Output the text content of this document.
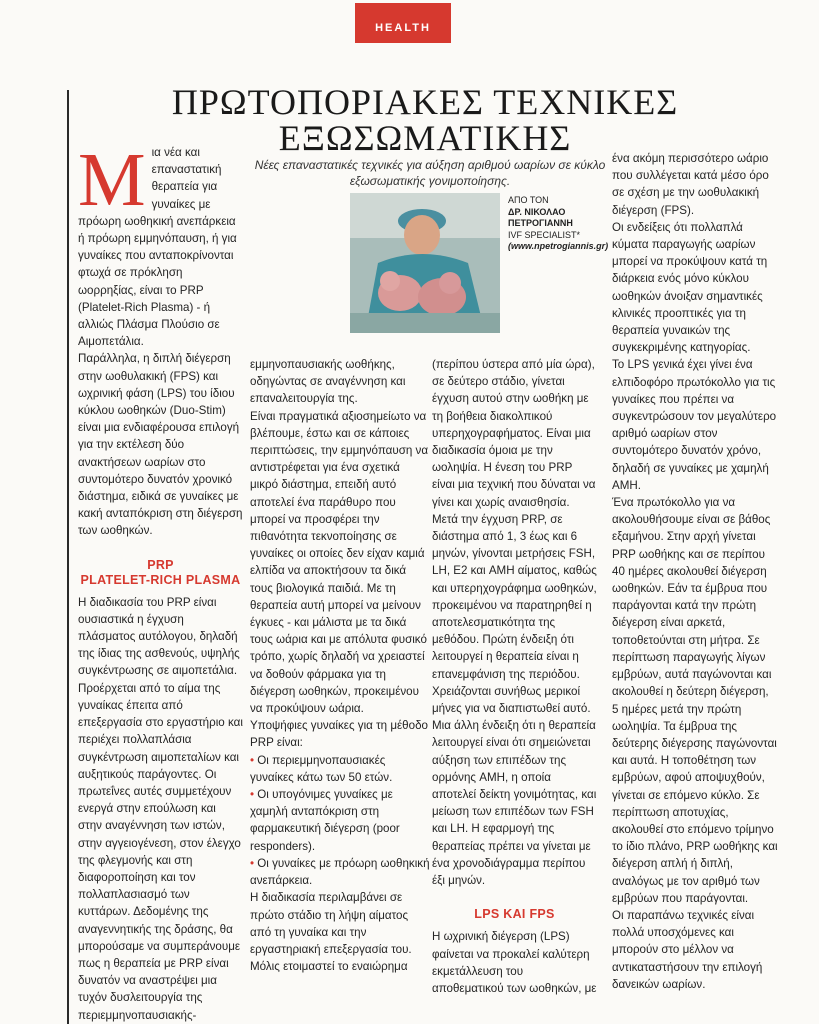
HEALTH
ΠΡΩΤΟΠΟΡΙΑΚΕΣ ΤΕΧΝΙΚΕΣ
ΕΞΩΣΩΜΑΤΙΚΗΣ
Μ ια νέα και επαναστατική θεραπεία για γυναίκες με πρόωρη ωοθηκική ανεπάρκεια ή πρόωρη εμμηνόπαυση, ή για γυναίκες που ανταποκρίνονται φτωχά σε πρόκληση ωορρηξίας, είναι το PRP (Platelet-Rich Plasma) - ή αλλιώς Πλάσμα Πλούσιο σε Αιμοπετάλια.

Παράλληλα, η διπλή διέγερση στην ωοθυλακική (FPS) και ωχρινική φάση (LPS) του ίδιου κύκλου ωοθηκών (Duo-Stim) είναι μια ενδιαφέρουσα επιλογή για την εκτέλεση δύο ανακτήσεων ωαρίων στο συντομότερο δυνατόν χρονικό διάστημα, ειδικά σε γυναίκες με κακή ανταπόκριση στη διέγερση των ωοθηκών.

PRP
PLATELET-RICH PLASMA

Η διαδικασία του PRP είναι ουσιαστικά η έγχυση πλάσματος αυτόλογου, δηλαδή της ίδιας της ασθενούς, υψηλής συγκέντρωσης σε αιμοπετάλια. Προέρχεται από το αίμα της γυναίκας έπειτα από επεξεργασία στο εργαστήριο και περιέχει πολλαπλάσια συγκέντρωση αιμοπεταλίων και αυξητικούς παράγοντες. Οι πρωτεΐνες αυτές συμμετέχουν ενεργά στην επούλωση και στην αναγέννηση των ιστών, στην αγγειογένεση, στον έλεγχο της φλεγμονής και στη διαφοροποίηση και τον πολλαπλασιασμό των κυττάρων. Δεδομένης της αναγεννητικής της δράσης, θα μπορούσαμε να συμπεράνουμε πως η θεραπεία με PRP είναι δυνατόν να αναστρέψει μια τυχόν δυσλειτουργία της περιεμμηνοπαυσιακής-

Νέες επαναστατικές τεχνικές για αύξηση αριθμού ωαρίων σε κύκλο εξωσωματικής γονιμοποίησης.
ΑΠΟ ΤΟΝ
ΔΡ. ΝΙΚΟΛΑΟ
ΠΕΤΡΟΓΙΑΝΝΗ
IVF SPECIALIST*
(www.npetrogiannis.gr)

εμμηνοπαυσιακής ωοθήκης, οδηγώντας σε αναγέννηση και επαναλειτουργία της.

Είναι πραγματικά αξιοσημείωτο να βλέπουμε, έστω και σε κάποιες περιπτώσεις, την εμμηνόπαυση να αντιστρέφεται για ένα σχετικά μικρό διάστημα, επειδή αυτό αποτελεί ένα παράθυρο που μπορεί να προσφέρει την πιθανότητα τεκνοποίησης σε γυναίκες οι οποίες δεν είχαν καμιά ελπίδα να αποκτήσουν τα δικά τους βιολογικά παιδιά. Με τη θεραπεία αυτή μπορεί να μείνουν έγκυες - και μάλιστα με τα δικά τους ωάρια και με απόλυτα φυσικό τρόπο, χωρίς δηλαδή να χρειαστεί να δοθούν φάρμακα για τη διέγερση ωοθηκών, προκειμένου να προκύψουν ωάρια.

Υποψήφιες γυναίκες για τη μέθοδο PRP είναι:

• Οι περιεμμηνοπαυσιακές γυναίκες κάτω των 50 ετών.

• Οι υπογόνιμες γυναίκες με χαμηλή ανταπόκριση στη φαρμακευτική διέγερση (poor responders).

• Οι γυναίκες με πρόωρη ωοθηκική ανεπάρκεια.

Η διαδικασία περιλαμβάνει σε πρώτο στάδιο τη λήψη αίματος από τη γυναίκα και την εργαστηριακή επεξεργασία του. Μόλις ετοιμαστεί το εναιώρημα

(περίπου ύστερα από μία ώρα), σε δεύτερο στάδιο, γίνεται έγχυση αυτού στην ωοθήκη με τη βοήθεια διακολπικού υπερηχογραφήματος. Είναι μια διαδικασία όμοια με την ωοληψία. Η ένεση του PRP είναι μια τεχνική που δύναται να γίνει και χωρίς αναισθησία.

Μετά την έγχυση PRP, σε διάστημα από 1, 3 έως και 6 μηνών, γίνονται μετρήσεις FSH, LH, E2 και AMH αίματος, καθώς και υπερηχογράφημα ωοθηκών, προκειμένου να παρατηρηθεί η αποτελεσματικότητα της μεθόδου. Πρώτη ένδειξη ότι λειτουργεί η θεραπεία είναι η επανεμφάνιση της περιόδου. Χρειάζονται συνήθως μερικοί μήνες για να διαπιστωθεί αυτό. Μια άλλη ένδειξη ότι η θεραπεία λειτουργεί είναι ότι σημειώνεται αύξηση των επιπέδων της ορμόνης AMH, η οποία αποτελεί δείκτη γονιμότητας, και μείωση των επιπέδων των FSH και LH. Η εφαρμογή της θεραπείας πρέπει να γίνεται με ένα χρονοδιάγραμμα περίπου έξι μηνών.

LPS ΚΑΙ FPS

Η ωχρινική διέγερση (LPS) φαίνεται να προκαλεί καλύτερη εκμετάλλευση του αποθεματικού των ωοθηκών, με

ένα ακόμη περισσότερο ωάριο που συλλέγεται κατά μέσο όρο σε σχέση με την ωοθυλακική διέγερση (FPS).

Οι ενδείξεις ότι πολλαπλά κύματα παραγωγής ωαρίων μπορεί να προκύψουν κατά τη διάρκεια ενός μόνο κύκλου ωοθηκών άνοιξαν σημαντικές κλινικές προοπτικές για τη θεραπεία γυναικών της συγκεκριμένης κατηγορίας.

Το LPS γενικά έχει γίνει ένα ελπιδοφόρο πρωτόκολλο για τις γυναίκες που πρέπει να συγκεντρώσουν τον μεγαλύτερο αριθμό ωαρίων στον συντομότερο δυνατόν χρόνο, δηλαδή σε γυναίκες με χαμηλή AMH.

Ένα πρωτόκολλο για να ακολουθήσουμε είναι σε βάθος εξαμήνου. Στην αρχή γίνεται PRP ωοθήκης και σε περίπου 40 ημέρες ακολουθεί διέγερση ωοθηκών. Εάν τα έμβρυα που παράγονται κατά την πρώτη διέγερση είναι αρκετά, τοποθετούνται στη μήτρα. Σε περίπτωση παραγωγής λίγων εμβρύων, αυτά παγώνονται και ακολουθεί η δεύτερη διέγερση, 5 ημέρες μετά την πρώτη ωοληψία. Τα έμβρυα της δεύτερης διέγερσης παγώνονται και αυτά. Η τοποθέτηση των εμβρύων, αφού αποψυχθούν, γίνεται σε επόμενο κύκλο. Σε περίπτωση αποτυχίας, ακολουθεί στο επόμενο τρίμηνο το ίδιο πλάνο, PRP ωοθήκης και διέγερση απλή ή διπλή, αναλόγως με τον αριθμό των εμβρύων που παράγονται.

Οι παραπάνω τεχνικές είναι πολλά υποσχόμενες και μπορούν στο μέλλον να αντικαταστήσουν την επιλογή δανεικών ωαρίων.
